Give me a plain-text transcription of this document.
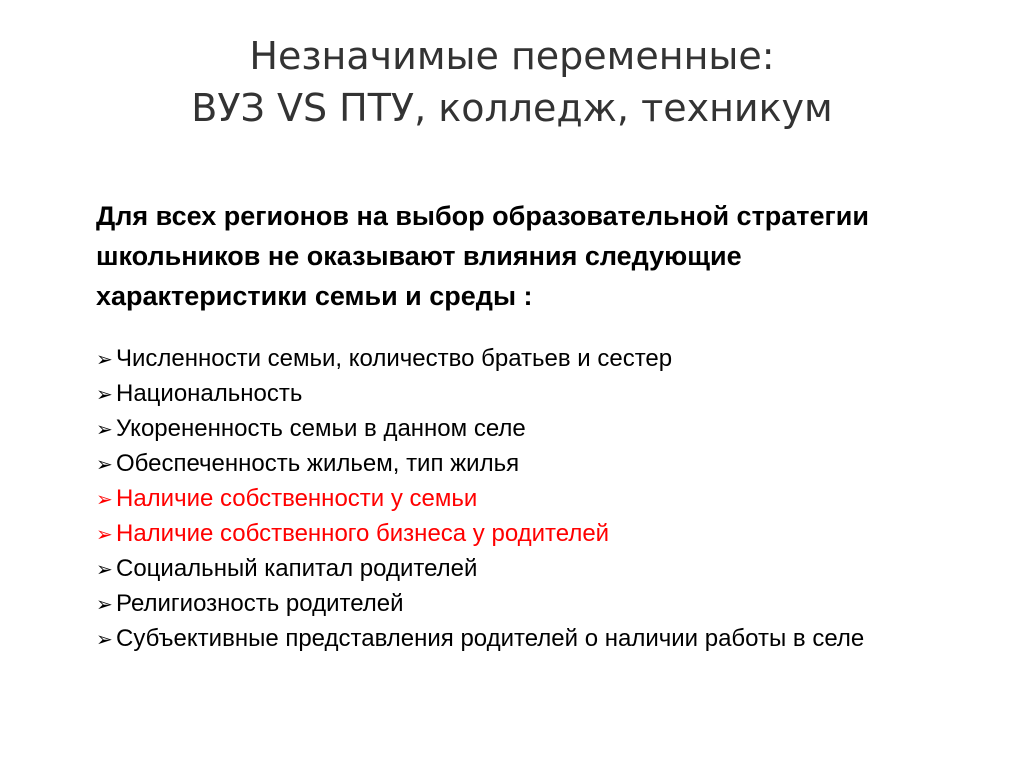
Незначимые переменные:
ВУЗ VS ПТУ, колледж, техникум

Для всех регионов на выбор образовательной стратегии школьников не оказывают влияния следующие характеристики семьи и среды :

➢ Численности семьи, количество братьев и сестер
➢ Национальность
➢ Укорененность семьи в данном селе
➢ Обеспеченность жильем, тип жилья
➢ Наличие собственности у семьи
➢ Наличие собственного бизнеса у родителей
➢ Социальный капитал родителей
➢ Религиозность родителей
➢ Субъективные представления родителей о наличии работы в селе
